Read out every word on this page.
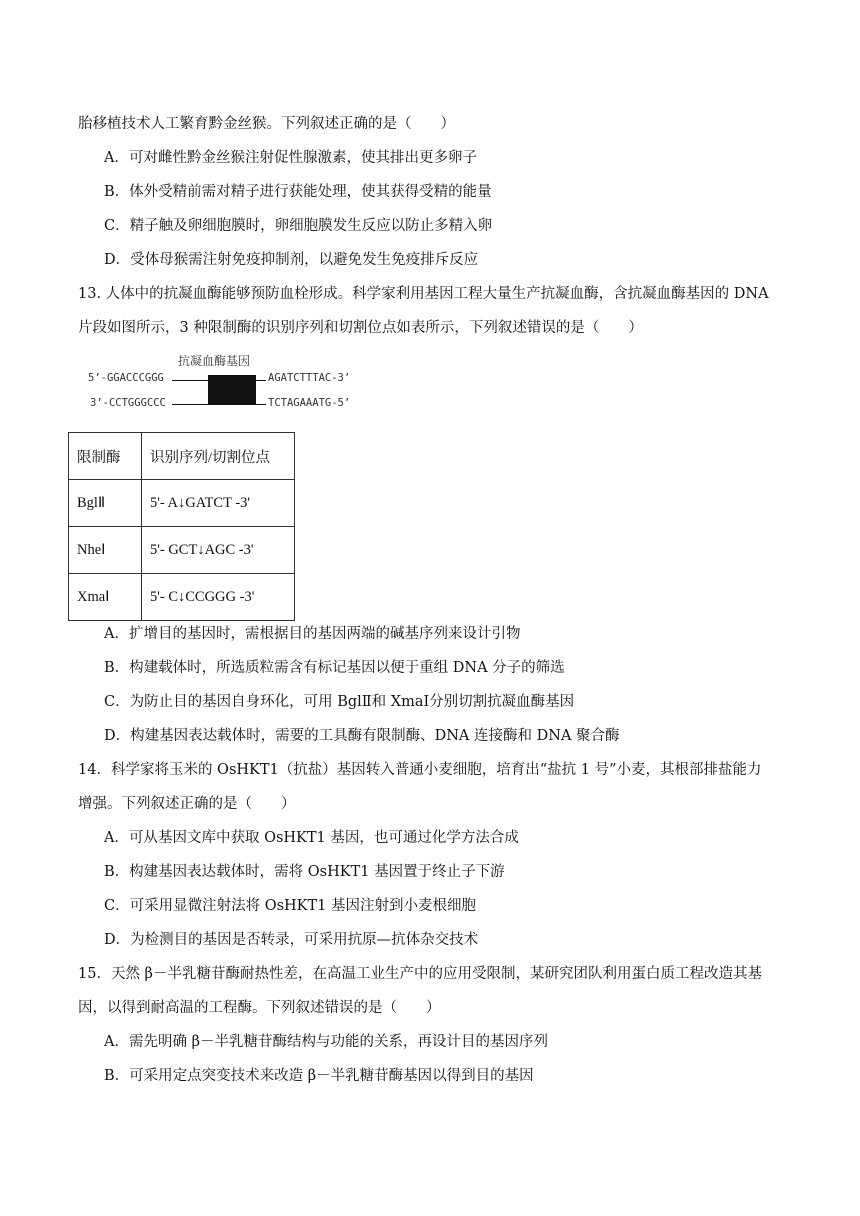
胎移植技术人工繁育黔金丝猴。下列叙述正确的是（　　）
A．可对雌性黔金丝猴注射促性腺激素，使其排出更多卵子
B．体外受精前需对精子进行获能处理，使其获得受精的能量
C．精子触及卵细胞膜时，卵细胞膜发生反应以防止多精入卵
D．受体母猴需注射免疫抑制剂，以避免发生免疫排斥反应
13. 人体中的抗凝血酶能够预防血栓形成。科学家利用基因工程大量生产抗凝血酶，含抗凝血酶基因的 DNA
片段如图所示，3 种限制酶的识别序列和切割位点如表所示，下列叙述错误的是（　　）
抗凝血酶基因
5’-GGACCCGGG	AGATCTTTAC-3’
3’-CCTGGGCCC	TCTAGAAATG-5’
限制酶	识别序列/切割位点
BglⅡ	5'- A↓GATCT -3'
NheⅠ	5'- GCT↓AGC -3'
XmaⅠ	5'- C↓CCGGG -3'
A．扩增目的基因时，需根据目的基因两端的碱基序列来设计引物
B．构建载体时，所选质粒需含有标记基因以便于重组 DNA 分子的筛选
C．为防止目的基因自身环化，可用 BglⅡ和 XmaⅠ分别切割抗凝血酶基因
D．构建基因表达载体时，需要的工具酶有限制酶、DNA 连接酶和 DNA 聚合酶
14．科学家将玉米的 OsHKT1（抗盐）基因转入普通小麦细胞，培育出“盐抗 1 号”小麦，其根部排盐能力
增强。下列叙述正确的是（　　）
A．可从基因文库中获取 OsHKT1 基因，也可通过化学方法合成
B．构建基因表达载体时，需将 OsHKT1 基因置于终止子下游
C．可采用显微注射法将 OsHKT1 基因注射到小麦根细胞
D．为检测目的基因是否转录，可采用抗原—抗体杂交技术
15．天然 β－半乳糖苷酶耐热性差，在高温工业生产中的应用受限制，某研究团队利用蛋白质工程改造其基
因，以得到耐高温的工程酶。下列叙述错误的是（　　）
A．需先明确 β－半乳糖苷酶结构与功能的关系，再设计目的基因序列
B．可采用定点突变技术来改造 β－半乳糖苷酶基因以得到目的基因
